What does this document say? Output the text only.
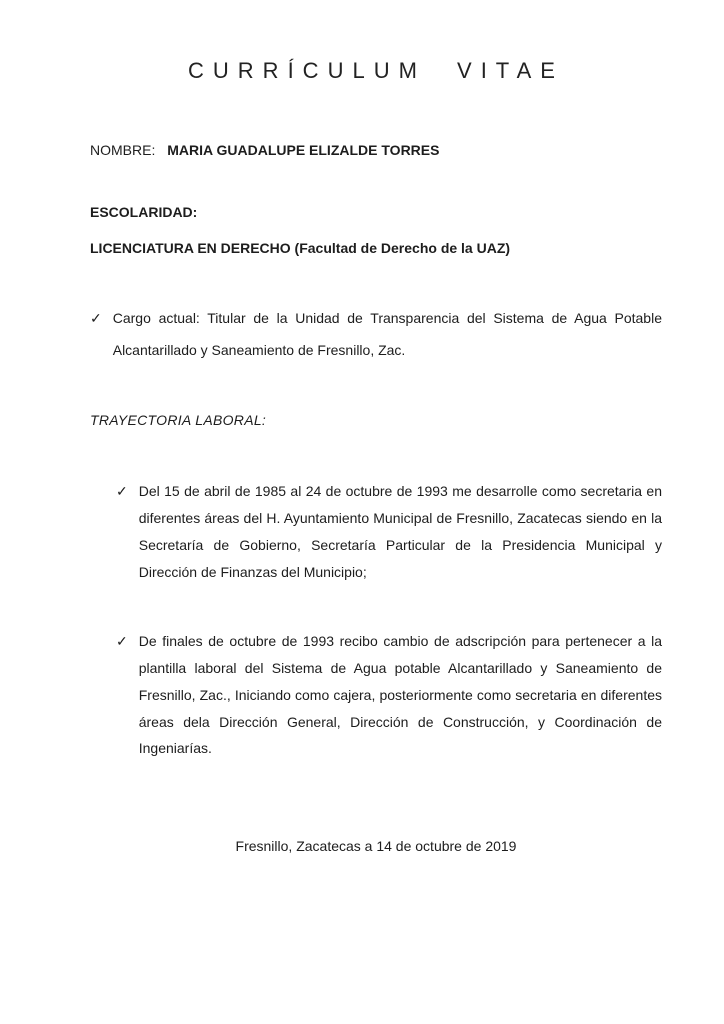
CURRÍCULUM VITAE

NOMBRE: MARIA GUADALUPE ELIZALDE TORRES

ESCOLARIDAD:

LICENCIATURA EN DERECHO (Facultad de Derecho de la UAZ)

✓ Cargo actual: Titular de la Unidad de Transparencia del Sistema de Agua Potable Alcantarillado y Saneamiento de Fresnillo, Zac.

TRAYECTORIA LABORAL:

✓ Del 15 de abril de 1985 al 24 de octubre de 1993 me desarrolle como secretaria en diferentes áreas del H. Ayuntamiento Municipal de Fresnillo, Zacatecas siendo en la Secretaría de Gobierno, Secretaría Particular de la Presidencia Municipal y Dirección de Finanzas del Municipio;
✓ De finales de octubre de 1993 recibo cambio de adscripción para pertenecer a la plantilla laboral del Sistema de Agua potable Alcantarillado y Saneamiento de Fresnillo, Zac., Iniciando como cajera, posteriormente como secretaria en diferentes áreas dela Dirección General, Dirección de Construcción, y Coordinación de Ingeniarías.

Fresnillo, Zacatecas a 14 de octubre de 2019
